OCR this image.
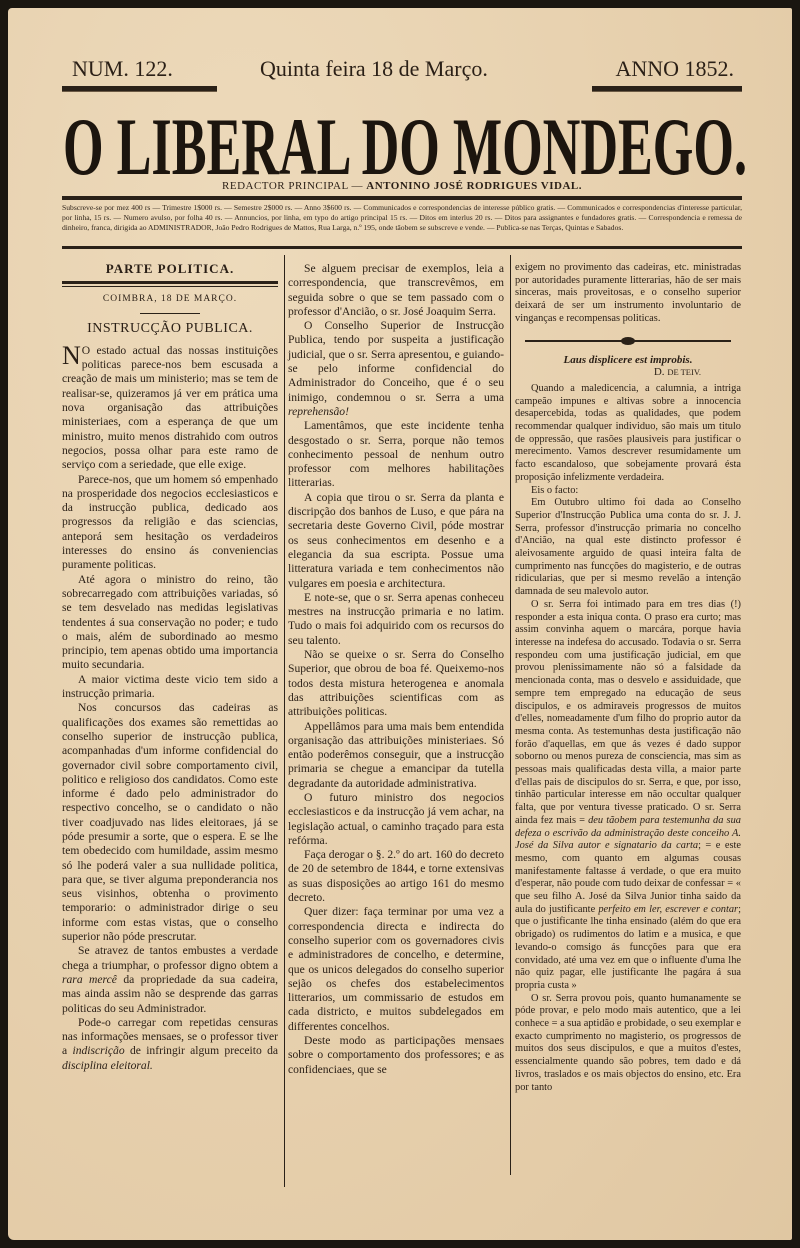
NUM. 122.	Quinta feira 18 de Março.	ANNO 1852.
O LIBERAL DO MONDEGO.
REDACTOR PRINCIPAL — ANTONINO JOSÉ RODRIGUES VIDAL.
Subscreve-se por mez 400 rs — Trimestre 1$000 rs. — Semestre 2$000 rs. — Anno 3$600 rs. — Communicados e correspondencias de interesse público gratis. — Communicados e correspondencias d'interesse particular, por linha, 15 rs. — Numero avulso, por folha 40 rs. — Annuncios, por linha, em typo do artigo principal 15 rs. — Ditos em interlus 20 rs. — Ditos para assignantes e fundadores gratis. — Correspondencia e remessa de dinheiro, franca, dirigida ao ADMINISTRADOR, João Pedro Rodrigues de Mattos, Rua Larga, n.º 195, onde tãobem se subscreve e vende. — Publica-se nas Terças, Quintas e Sabados.
PARTE POLITICA.
COIMBRA, 18 DE MARÇO.
INSTRUCÇÃO PUBLICA.

N O estado actual das nossas instituições politicas parece-nos bem escusada a creação de mais um ministerio; mas se tem de realisar-se, quizeramos já ver em prática uma nova organisação das attribuições ministeriaes, com a esperança de que um ministro, muito menos distrahido com outros negocios, possa olhar para este ramo de serviço com a seriedade, que elle exige.

Parece-nos, que um homem só empenhado na prosperidade dos negocios ecclesiasticos e da instrucção publica, dedicado aos progressos da religião e das sciencias, anteporá sem hesitação os verdadeiros interesses do ensino ás conveniencias puramente politicas.

Até agora o ministro do reino, tão sobrecarregado com attribuições variadas, só se tem desvelado nas medidas legislativas tendentes á sua conservação no poder; e tudo o mais, além de subordinado ao mesmo principio, tem apenas obtido uma importancia muito secundaria.

A maior victima deste vicio tem sido a instrucção primaria.

Nos concursos das cadeiras as qualificações dos exames são remettidas ao conselho superior de instrucção publica, acompanhadas d'um informe confidencial do governador civil sobre comportamento civil, politico e religioso dos candidatos. Como este informe é dado pelo administrador do respectivo concelho, se o candidato o não tiver coadjuvado nas lides eleitoraes, já se póde presumir a sorte, que o espera. E se lhe tem obedecido com humildade, assim mesmo só lhe poderá valer a sua nullidade politica, para que, se tiver alguma preponderancia nos seus visinhos, obtenha o provimento temporario: o administrador dirige o seu informe com estas vistas, que o conselho superior não póde prescrutar.

Se atravez de tantos embustes a verdade chega a triumphar, o professor digno obtem a rara mercê da propriedade da sua cadeira, mas ainda assim não se desprende das garras politicas do seu Administrador.

Pode-o carregar com repetidas censuras nas informações mensaes, se o professor tiver a indiscrição de infringir algum preceito da disciplina eleitoral.

Se alguem precisar de exemplos, leia a correspondencia, que transcrevêmos, em seguida sobre o que se tem passado com o professor d'Ancião, o sr. José Joaquim Serra.

O Conselho Superior de Instrucção Publica, tendo por suspeita a justificação judicial, que o sr. Serra apresentou, e guiando-se pelo informe confidencial do Administrador do Conceiho, que é o seu inimigo, condemnou o sr. Serra a uma reprehensão!

Lamentâmos, que este incidente tenha desgostado o sr. Serra, porque não temos conhecimento pessoal de nenhum outro professor com melhores habilitações litterarias.

A copia que tirou o sr. Serra da planta e discripção dos banhos de Luso, e que pára na secretaria deste Governo Civil, póde mostrar os seus conhecimentos em desenho e a elegancia da sua escripta. Possue uma litteratura variada e tem conhecimentos não vulgares em poesia e architectura.

E note-se, que o sr. Serra apenas conheceu mestres na instrucção primaria e no latim. Tudo o mais foi adquirido com os recursos do seu talento.

Não se queixe o sr. Serra do Conselho Superior, que obrou de boa fé. Queixemo-nos todos desta mistura heterogenea e anomala das attribuições scientificas com as attribuições politicas.

Appellâmos para uma mais bem entendida organisação das attribuições ministeriaes. Só então poderêmos conseguir, que a instrucção primaria se chegue a emancipar da tutella degradante da autoridade administrativa.

O futuro ministro dos negocios ecclesiasticos e da instrucção já vem achar, na legislação actual, o caminho traçado para esta refórma.

Faça derogar o §. 2.º do art. 160 do decreto de 20 de setembro de 1844, e torne extensivas as suas disposições ao artigo 161 do mesmo decreto.

Quer dizer: faça terminar por uma vez a correspondencia directa e indirecta do conselho superior com os governadores civis e administradores de concelho, e determine, que os unicos delegados do conselho superior sejão os chefes dos estabelecimentos litterarios, um commissario de estudos em cada districto, e muitos subdelegados em differentes concelhos.

Deste modo as participações mensaes sobre o comportamento dos professores; e as confidenciaes, que se

exigem no provimento das cadeiras, etc. ministradas por autoridades puramente litterarias, hão de ser mais sinceras, mais proveitosas, e o conselho superior deixará de ser um instrumento involuntario de vinganças e recompensas politicas.

Laus displicere est improbis.
D. DE TEIV.

Quando a maledicencia, a calumnia, a intriga campeão impunes e altivas sobre a innocencia desapercebida, todas as qualidades, que podem recommendar qualquer individuo, são mais um titulo de oppressão, que rasões plausiveis para justificar o merecimento. Vamos descrever resumidamente um facto escandaloso, que sobejamente provará ésta proposição infelizmente verdadeira.

Eis o facto:

Em Outubro ultimo foi dada ao Conselho Superior d'Instrucção Publica uma conta do sr. J. J. Serra, professor d'instrucção primaria no concelho d'Ancião, na qual este distincto professor é aleivosamente arguido de quasi inteira falta de cumprimento nas funcções do magisterio, e de outras ridicularias, que per si mesmo revelão a intenção damnada de seu malevolo autor.

O sr. Serra foi intimado para em tres dias (!) responder a esta iniqua conta. O praso era curto; mas assim convinha aquem o marcára, porque havia interesse na indefesa do accusado. Todavia o sr. Serra respondeu com uma justificação judicial, em que provou plenissimamente não só a falsidade da mencionada conta, mas o desvelo e assiduidade, que sempre tem empregado na educação de seus discipulos, e os admiraveis progressos de muitos d'elles, nomeadamente d'um filho do proprio autor da mesma conta. As testemunhas desta justificação não forão d'aquellas, em que ás vezes é dado suppor soborno ou menos pureza de consciencia, mas sim as pessoas mais qualificadas desta villa, a maior parte d'ellas pais de discipulos do sr. Serra, e que, por isso, tinhão particular interesse em não occultar qualquer falta, que por ventura tivesse praticado. O sr. Serra ainda fez mais = deu tãobem para testemunha da sua defeza o escrivão da administração deste conceiho A. José da Silva autor e signatario da carta; = e este mesmo, com quanto em algumas cousas manifestamente faltasse á verdade, o que era muito d'esperar, não poude com tudo deixar de confessar = « que seu filho A. José da Silva Junior tinha saido da aula do justificante perfeito em ler, escrever e contar; que o justificante lhe tinha ensinado (além do que era obrigado) os rudimentos do latim e a musica, e que levando-o comsigo ás funcções para que era convidado, até uma vez em que o influente d'uma lhe não quiz pagar, elle justificante lhe pagára á sua propria custa »

O sr. Serra provou pois, quanto humanamente se póde provar, e pelo modo mais autentico, que a lei conhece = a sua aptidão e probidade, o seu exemplar e exacto cumprimento no magisterio, os progressos de muitos dos seus discipulos, e que a muitos d'estes, essencialmente quando são pobres, tem dado e dá livros, traslados e os mais objectos do ensino, etc. Era por tanto
